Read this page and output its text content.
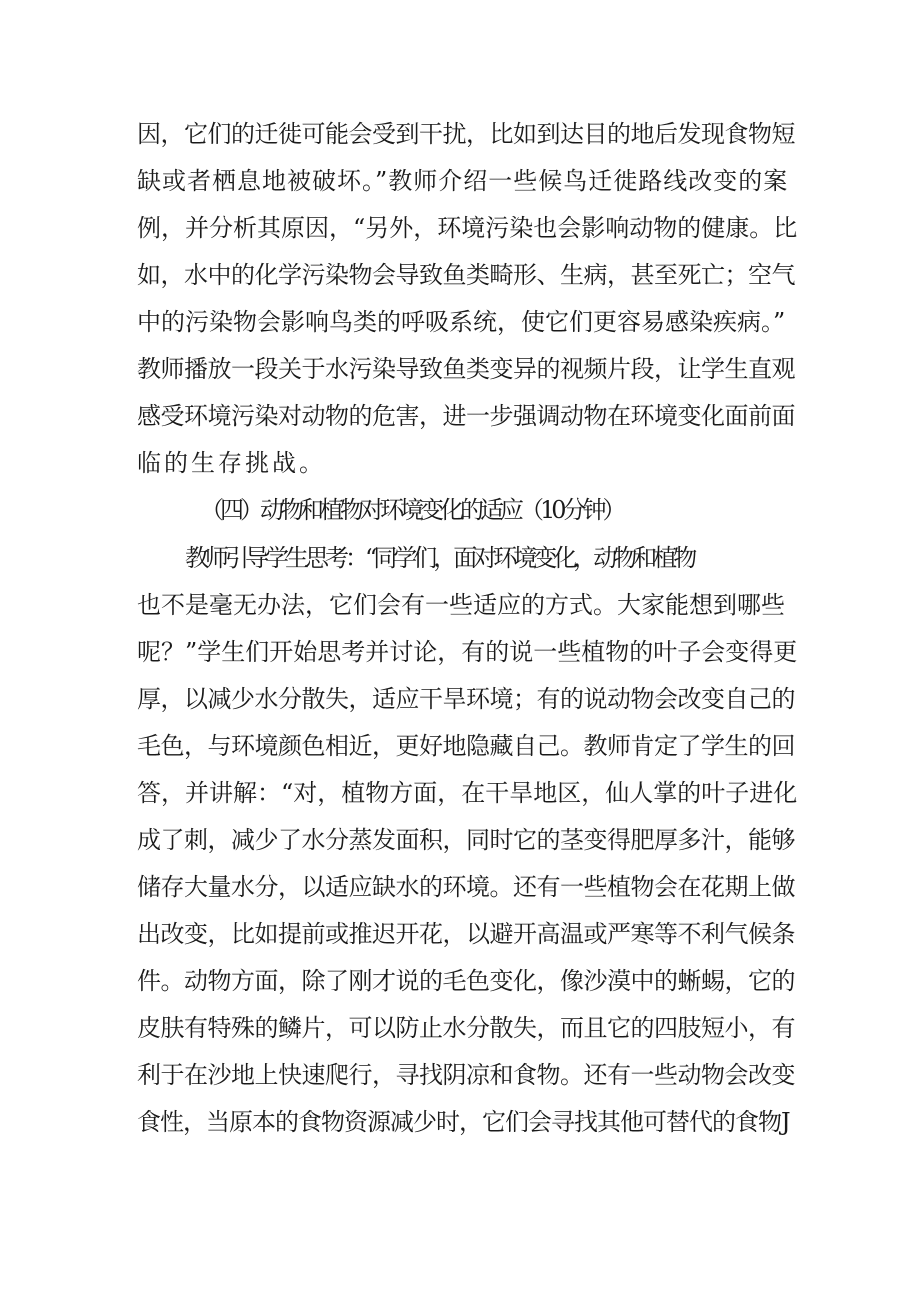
因，它们的迁徙可能会受到干扰，比如到达目的地后发现食物短
缺或者栖息地被破坏。”教师介绍一些候鸟迁徙路线改变的案
例，并分析其原因，“另外，环境污染也会影响动物的健康。比
如，水中的化学污染物会导致鱼类畸形、生病，甚至死亡；空气
中的污染物会影响鸟类的呼吸系统，使它们更容易感染疾病。”
教师播放一段关于水污染导致鱼类变异的视频片段，让学生直观
感受环境污染对动物的危害，进一步强调动物在环境变化面前面
临的生存挑战。
（四）动物和植物对环境变化的适应（10分钟）
教师引导学生思考：“同学们，面对环境变化，动物和植物
也不是毫无办法，它们会有一些适应的方式。大家能想到哪些
呢？”学生们开始思考并讨论，有的说一些植物的叶子会变得更
厚，以减少水分散失，适应干旱环境；有的说动物会改变自己的
毛色，与环境颜色相近，更好地隐藏自己。教师肯定了学生的回
答，并讲解：“对，植物方面，在干旱地区，仙人掌的叶子进化
成了刺，减少了水分蒸发面积，同时它的茎变得肥厚多汁，能够
储存大量水分，以适应缺水的环境。还有一些植物会在花期上做
出改变，比如提前或推迟开花，以避开高温或严寒等不利气候条
件。动物方面，除了刚才说的毛色变化，像沙漠中的蜥蜴，它的
皮肤有特殊的鳞片，可以防止水分散失，而且它的四肢短小，有
利于在沙地上快速爬行，寻找阴凉和食物。还有一些动物会改变
食性，当原本的食物资源减少时，它们会寻找其他可替代的食物J
